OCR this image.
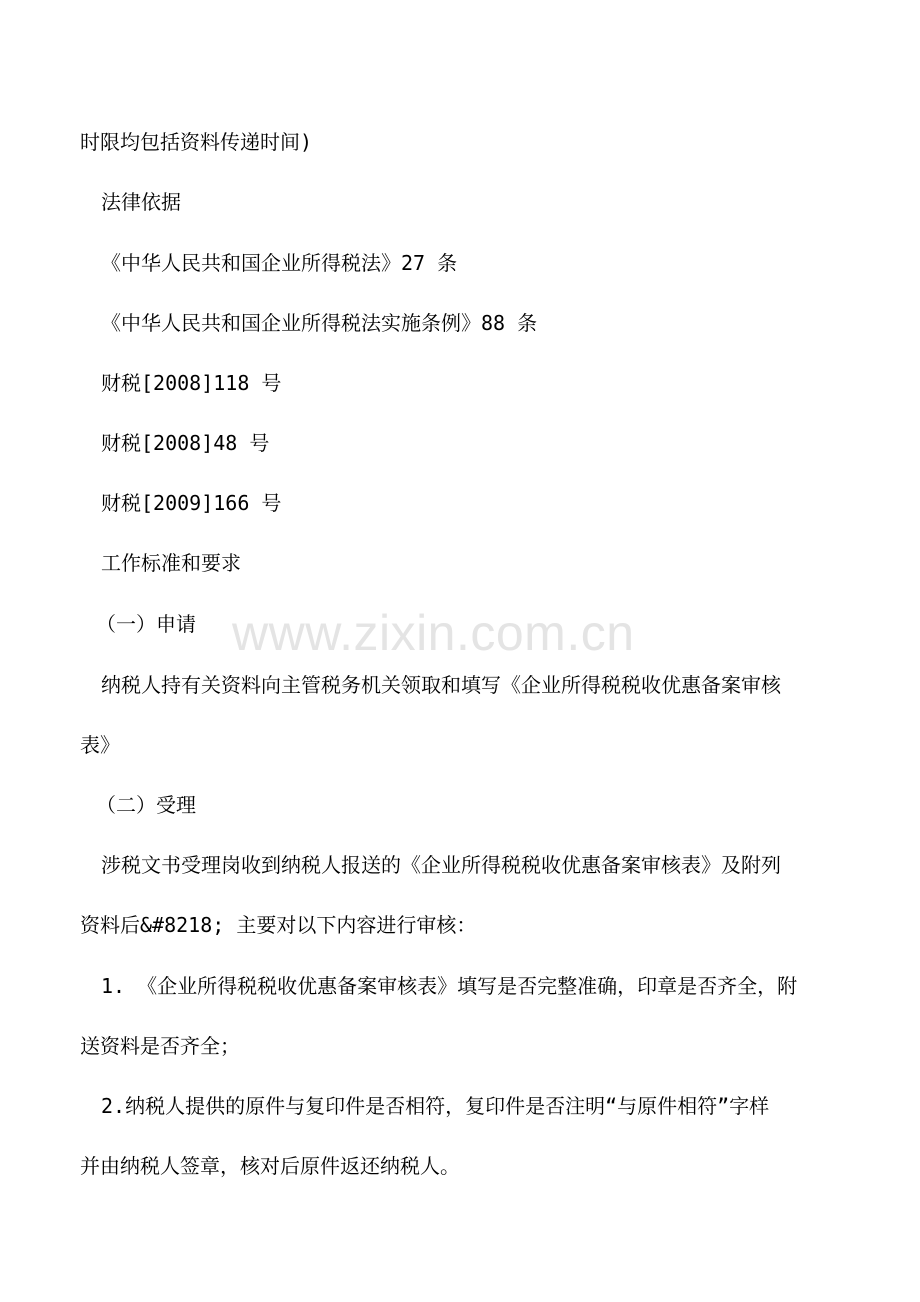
www.zixin.com.cn

时限均包括资料传递时间)

法律依据

《中华人民共和国企业所得税法》27 条

《中华人民共和国企业所得税法实施条例》88 条

财税[2008]118 号

财税[2008]48 号

财税[2009]166 号

工作标准和要求

（一）申请

纳税人持有关资料向主管税务机关领取和填写《企业所得税税收优惠备案审核

表》

（二）受理

涉税文书受理岗收到纳税人报送的《企业所得税税收优惠备案审核表》及附列

资料后&#8218; 主要对以下内容进行审核：

1. 《企业所得税税收优惠备案审核表》填写是否完整准确，印章是否齐全，附

送资料是否齐全；

2.纳税人提供的原件与复印件是否相符，复印件是否注明“与原件相符”字样

并由纳税人签章，核对后原件返还纳税人。
